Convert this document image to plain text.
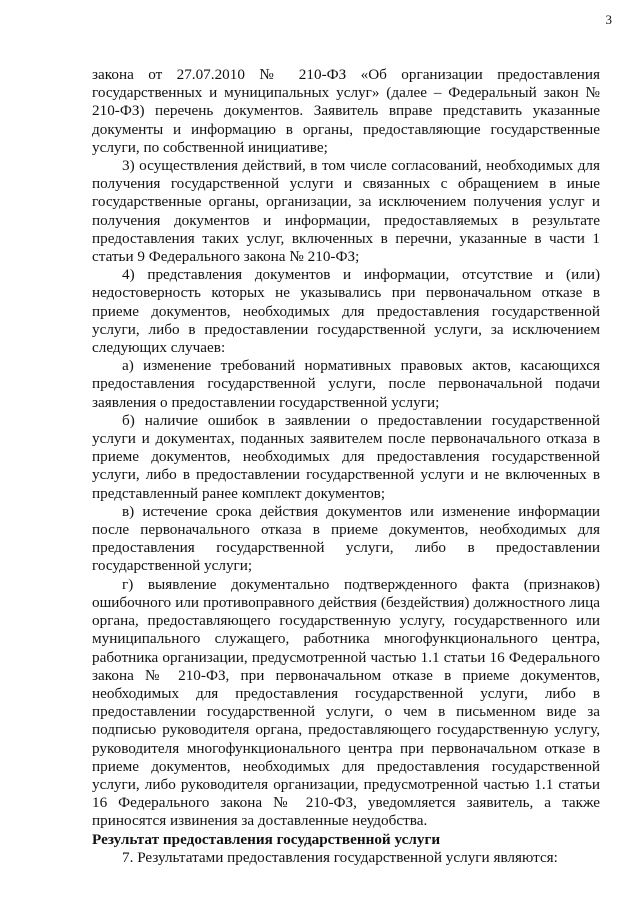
3

закона от 27.07.2010 № 210-ФЗ «Об организации предоставления государственных и муниципальных услуг» (далее – Федеральный закон № 210-ФЗ) перечень документов. Заявитель вправе представить указанные документы и информацию в органы, предоставляющие государственные услуги, по собственной инициативе;

3) осуществления действий, в том числе согласований, необходимых для получения государственной услуги и связанных с обращением в иные государственные органы, организации, за исключением получения услуг и получения документов и информации, предоставляемых в результате предоставления таких услуг, включенных в перечни, указанные в части 1 статьи 9 Федерального закона № 210-ФЗ;

4) представления документов и информации, отсутствие и (или) недостоверность которых не указывались при первоначальном отказе в приеме документов, необходимых для предоставления государственной услуги, либо в предоставлении государственной услуги, за исключением следующих случаев:

а) изменение требований нормативных правовых актов, касающихся предоставления государственной услуги, после первоначальной подачи заявления о предоставлении государственной услуги;

б) наличие ошибок в заявлении о предоставлении государственной услуги и документах, поданных заявителем после первоначального отказа в приеме документов, необходимых для предоставления государственной услуги, либо в предоставлении государственной услуги и не включенных в представленный ранее комплект документов;

в) истечение срока действия документов или изменение информации после первоначального отказа в приеме документов, необходимых для предоставления государственной услуги, либо в предоставлении государственной услуги;

г) выявление документально подтвержденного факта (признаков) ошибочного или противоправного действия (бездействия) должностного лица органа, предоставляющего государственную услугу, государственного или муниципального служащего, работника многофункционального центра, работника организации, предусмотренной частью 1.1 статьи 16 Федерального закона № 210-ФЗ, при первоначальном отказе в приеме документов, необходимых для предоставления государственной услуги, либо в предоставлении государственной услуги, о чем в письменном виде за подписью руководителя органа, предоставляющего государственную услугу, руководителя многофункционального центра при первоначальном отказе в приеме документов, необходимых для предоставления государственной услуги, либо руководителя организации, предусмотренной частью 1.1 статьи 16 Федерального закона № 210-ФЗ, уведомляется заявитель, а также приносятся извинения за доставленные неудобства.

Результат предоставления государственной услуги

7. Результатами предоставления государственной услуги являются:
